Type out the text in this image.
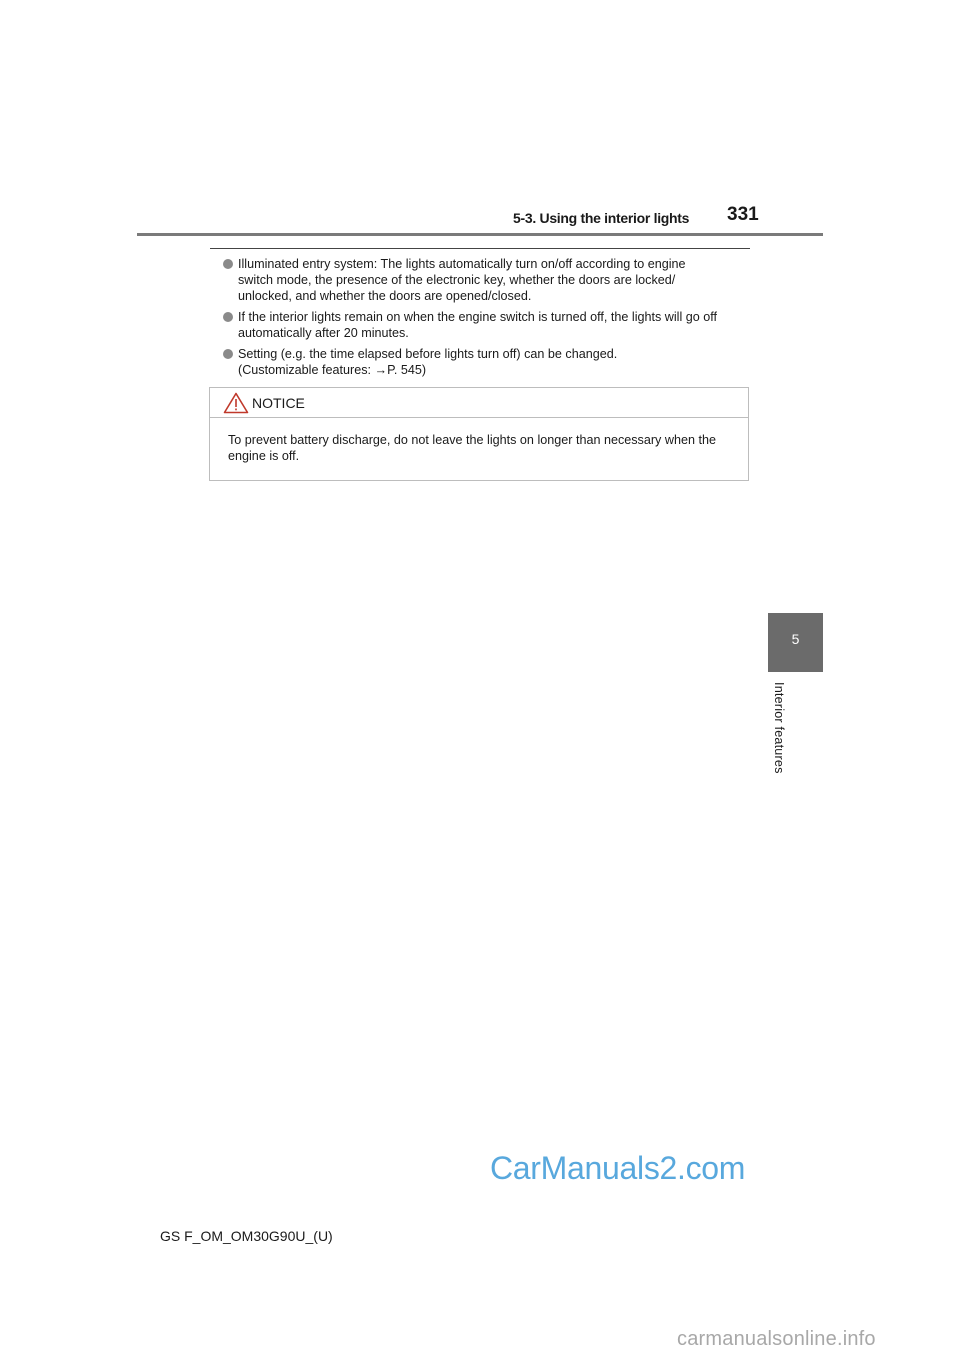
5-3. Using the interior lights 331
Illuminated entry system: The lights automatically turn on/off according to engine
switch mode, the presence of the electronic key, whether the doors are locked/
unlocked, and whether the doors are opened/closed.
If the interior lights remain on when the engine switch is turned off, the lights will go off
automatically after 20 minutes.
Setting (e.g. the time elapsed before lights turn off) can be changed.
(Customizable features: →P. 545)
NOTICE
To prevent battery discharge, do not leave the lights on longer than necessary when the engine is off.
5
Interior features
CarManuals2.com
GS F_OM_OM30G90U_(U)
carmanualsonline.info
